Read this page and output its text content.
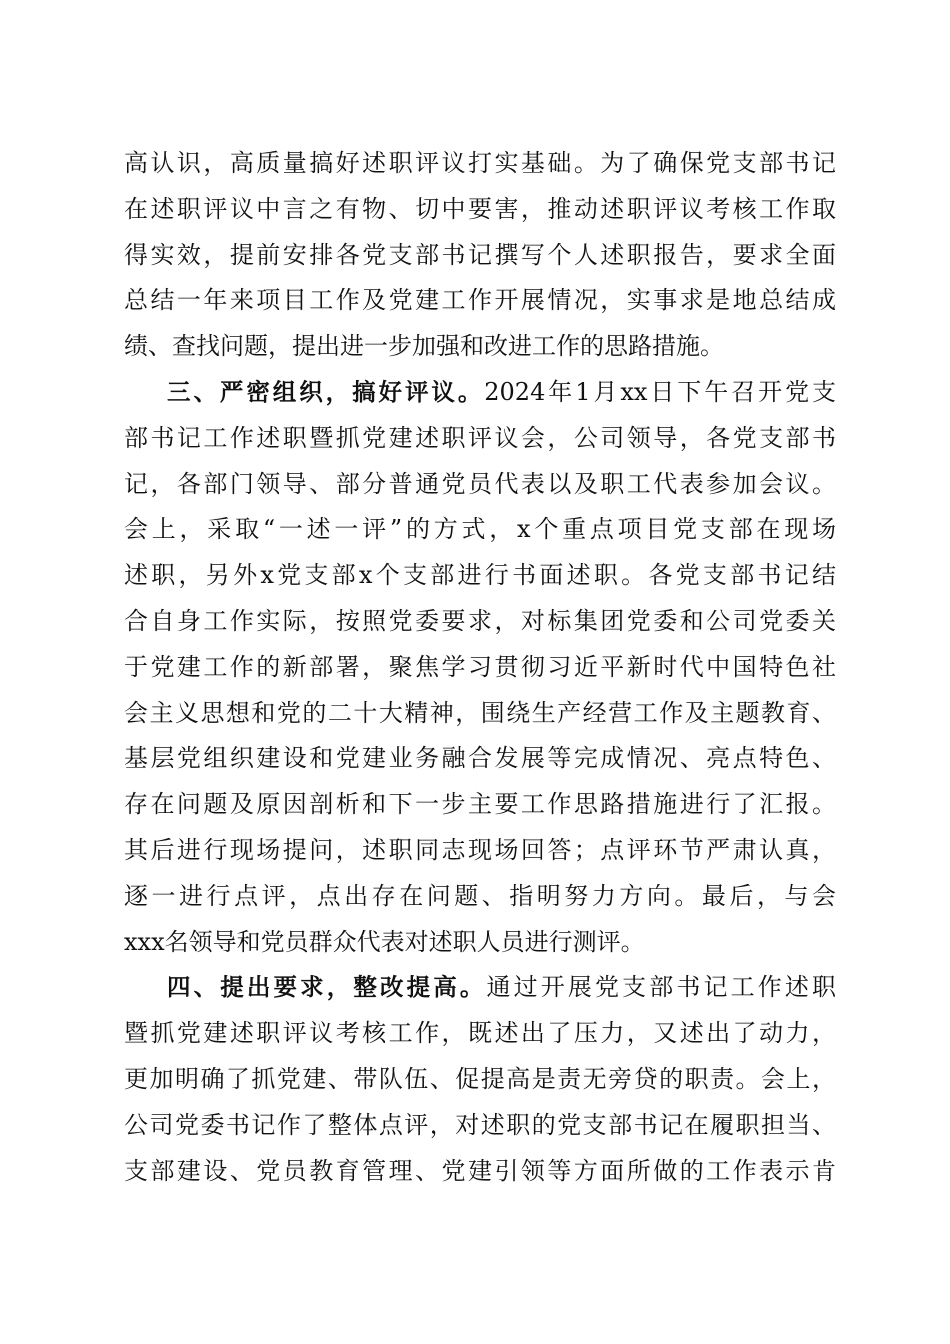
高认识，高质量搞好述职评议打实基础。为了确保党支部书记
在述职评议中言之有物、切中要害，推动述职评议考核工作取
得实效，提前安排各党支部书记撰写个人述职报告，要求全面
总结一年来项目工作及党建工作开展情况，实事求是地总结成
绩、查找问题，提出进一步加强和改进工作的思路措施。
三、严密组织，搞好评议。2024年1月xx日下午召开党支
部书记工作述职暨抓党建述职评议会，公司领导，各党支部书
记，各部门领导、部分普通党员代表以及职工代表参加会议。
会上，采取“一述一评”的方式，x个重点项目党支部在现场
述职，另外x党支部x个支部进行书面述职。各党支部书记结
合自身工作实际，按照党委要求，对标集团党委和公司党委关
于党建工作的新部署，聚焦学习贯彻习近平新时代中国特色社
会主义思想和党的二十大精神，围绕生产经营工作及主题教育、
基层党组织建设和党建业务融合发展等完成情况、亮点特色、
存在问题及原因剖析和下一步主要工作思路措施进行了汇报。
其后进行现场提问，述职同志现场回答；点评环节严肃认真，
逐一进行点评，点出存在问题、指明努力方向。最后，与会
xxx名领导和党员群众代表对述职人员进行测评。
四、提出要求，整改提高。通过开展党支部书记工作述职
暨抓党建述职评议考核工作，既述出了压力，又述出了动力，
更加明确了抓党建、带队伍、促提高是责无旁贷的职责。会上，
公司党委书记作了整体点评，对述职的党支部书记在履职担当、
支部建设、党员教育管理、党建引领等方面所做的工作表示肯
